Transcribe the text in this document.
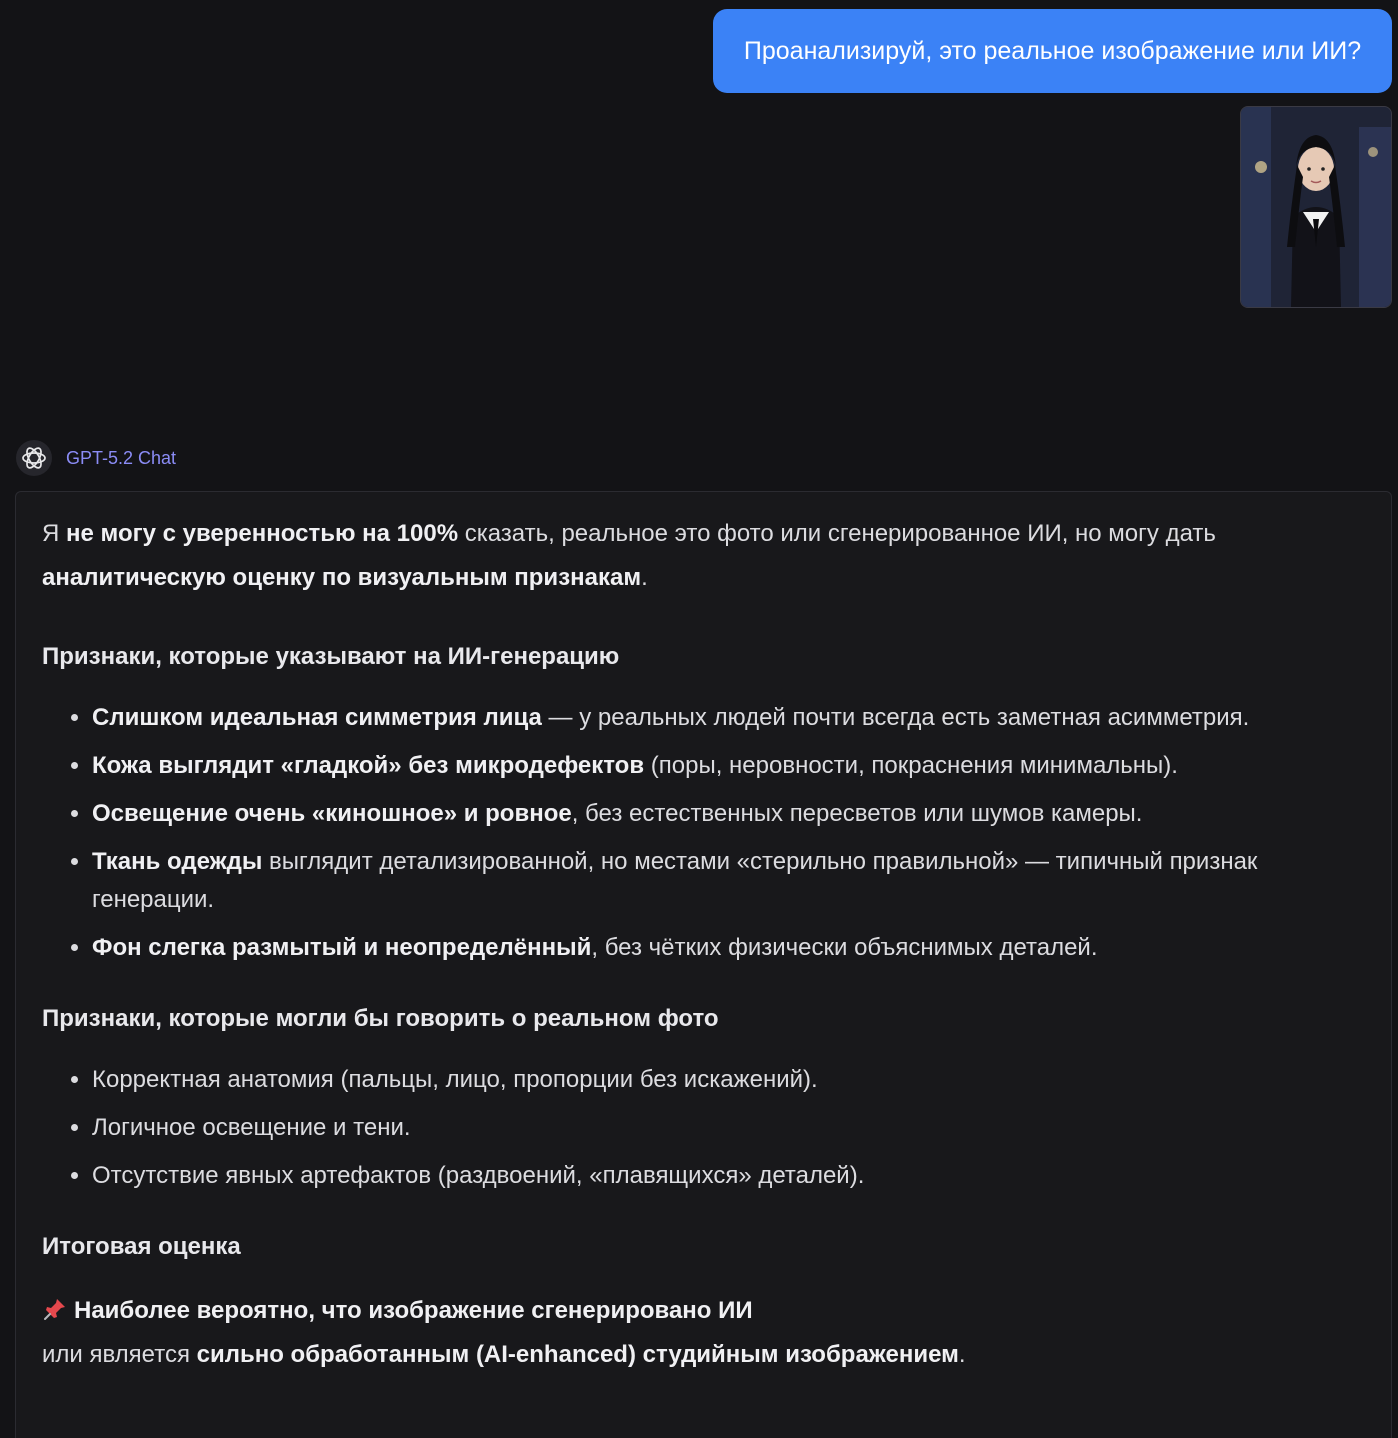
Проанализируй, это реальное изображение или ИИ?
GPT-5.2 Chat

Я не могу с уверенностью на 100% сказать, реальное это фото или сгенерированное ИИ, но могу дать аналитическую оценку по визуальным признакам.

Признаки, которые указывают на ИИ-генерацию

• Слишком идеальная симметрия лица — у реальных людей почти всегда есть заметная асимметрия.
• Кожа выглядит «гладкой» без микродефектов (поры, неровности, покраснения минимальны).
• Освещение очень «киношное» и ровное, без естественных пересветов или шумов камеры.
• Ткань одежды выглядит детализированной, но местами «стерильно правильной» — типичный признак генерации.
• Фон слегка размытый и неопределённый, без чётких физически объяснимых деталей.

Признаки, которые могли бы говорить о реальном фото

• Корректная анатомия (пальцы, лицо, пропорции без искажений).
• Логичное освещение и тени.
• Отсутствие явных артефактов (раздвоений, «плавящихся» деталей).

Итоговая оценка

Наиболее вероятно, что изображение сгенерировано ИИ

или является сильно обработанным (AI-enhanced) студийным изображением.
